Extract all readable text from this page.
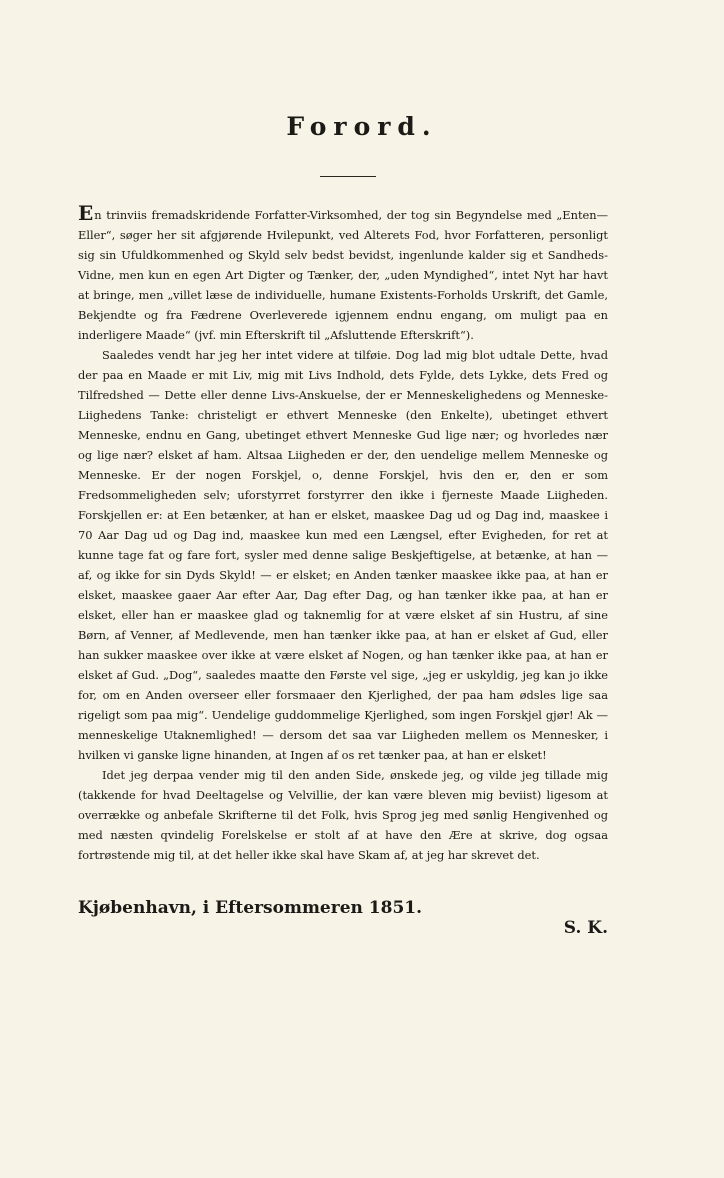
Forord.

En trinviis fremadskridende Forfatter-Virksomhed, der tog sin Begyndelse med „Enten—Eller“, søger her sit afgjørende Hvilepunkt, ved Alterets Fod, hvor Forfatteren, personligt sig sin Ufuldkommenhed og Skyld selv bedst bevidst, ingenlunde kalder sig et Sandheds-Vidne, men kun en egen Art Digter og Tænker, der, „uden Myndighed“, intet Nyt har havt at bringe, men „villet læse de individuelle, humane Existents-Forholds Urskrift, det Gamle, Bekjendte og fra Fædrene Overleverede igjennem endnu engang, om muligt paa en inderligere Maade“ (jvf. min Efterskrift til „Afsluttende Efterskrift“).

Saaledes vendt har jeg her intet videre at tilføie. Dog lad mig blot udtale Dette, hvad der paa en Maade er mit Liv, mig mit Livs Indhold, dets Fylde, dets Lykke, dets Fred og Tilfredshed — Dette eller denne Livs-Anskuelse, der er Menneskelighedens og Menneske-Liighedens Tanke: christeligt er ethvert Menneske (den Enkelte), ubetinget ethvert Menneske, endnu en Gang, ubetinget ethvert Menneske Gud lige nær; og hvorledes nær og lige nær? elsket af ham. Altsaa Liigheden er der, den uendelige mellem Menneske og Menneske. Er der nogen Forskjel, o, denne Forskjel, hvis den er, den er som Fredsommeligheden selv; uforstyrret forstyrrer den ikke i fjerneste Maade Liigheden. Forskjellen er: at Een betænker, at han er elsket, maaskee Dag ud og Dag ind, maaskee i 70 Aar Dag ud og Dag ind, maaskee kun med een Længsel, efter Evigheden, for ret at kunne tage fat og fare fort, sysler med denne salige Beskjeftigelse, at betænke, at han — af, og ikke for sin Dyds Skyld! — er elsket; en Anden tænker maaskee ikke paa, at han er elsket, maaskee gaaer Aar efter Aar, Dag efter Dag, og han tænker ikke paa, at han er elsket, eller han er maaskee glad og taknemlig for at være elsket af sin Hustru, af sine Børn, af Venner, af Medlevende, men han tænker ikke paa, at han er elsket af Gud, eller han sukker maaskee over ikke at være elsket af Nogen, og han tænker ikke paa, at han er elsket af Gud. „Dog“, saaledes maatte den Første vel sige, „jeg er uskyldig, jeg kan jo ikke for, om en Anden overseer eller forsmaaer den Kjerlighed, der paa ham ødsles lige saa rigeligt som paa mig“. Uendelige guddommelige Kjerlighed, som ingen Forskjel gjør! Ak — menneskelige Utaknemlighed! — dersom det saa var Liigheden mellem os Mennesker, i hvilken vi ganske ligne hinanden, at Ingen af os ret tænker paa, at han er elsket!

Idet jeg derpaa vender mig til den anden Side, ønskede jeg, og vilde jeg tillade mig (takkende for hvad Deeltagelse og Velvillie, der kan være bleven mig beviist) ligesom at overrække og anbefale Skrifterne til det Folk, hvis Sprog jeg med sønlig Hengivenhed og med næsten qvindelig Forelskelse er stolt af at have den Ære at skrive, dog ogsaa fortrøstende mig til, at det heller ikke skal have Skam af, at jeg har skrevet det.

Kjøbenhavn, i Eftersommeren 1851.
S. K.
